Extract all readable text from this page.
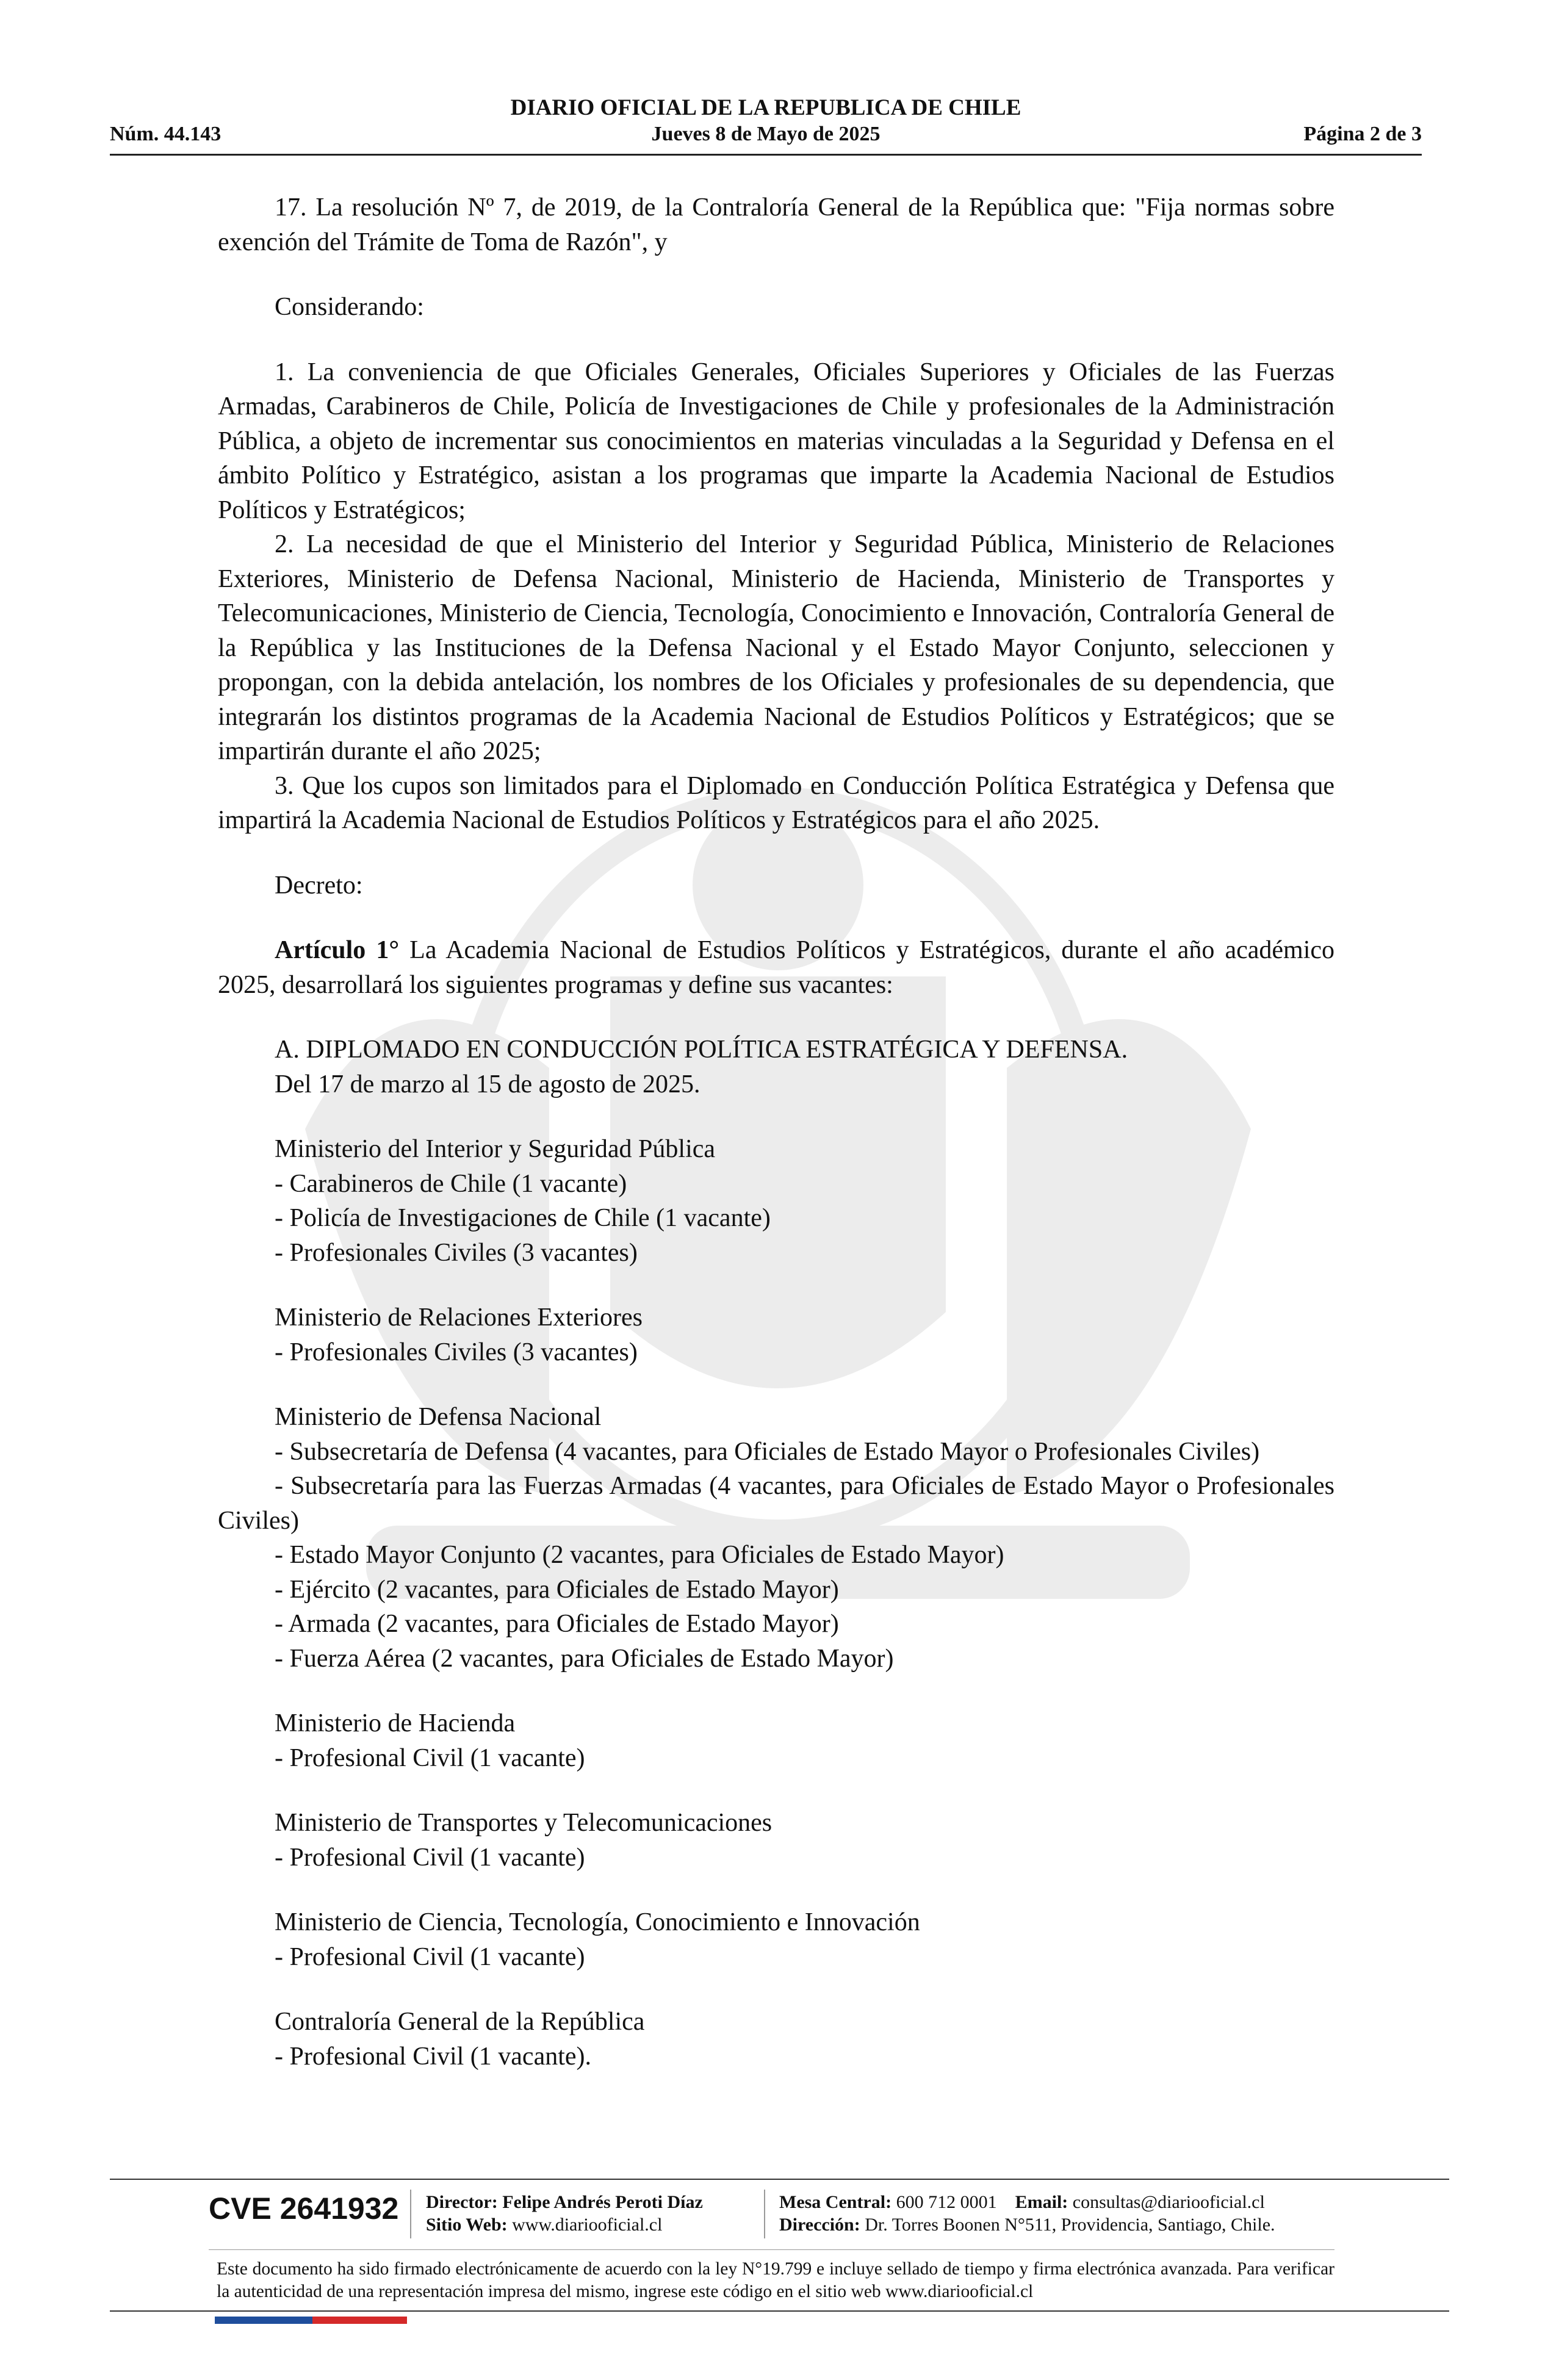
DIARIO OFICIAL DE LA REPUBLICA DE CHILE
Núm. 44.143	Jueves 8 de Mayo de 2025	Página 2 de 3

17. La resolución Nº 7, de 2019, de la Contraloría General de la República que: "Fija normas sobre exención del Trámite de Toma de Razón", y

Considerando:

1. La conveniencia de que Oficiales Generales, Oficiales Superiores y Oficiales de las Fuerzas Armadas, Carabineros de Chile, Policía de Investigaciones de Chile y profesionales de la Administración Pública, a objeto de incrementar sus conocimientos en materias vinculadas a la Seguridad y Defensa en el ámbito Político y Estratégico, asistan a los programas que imparte la Academia Nacional de Estudios Políticos y Estratégicos;

2. La necesidad de que el Ministerio del Interior y Seguridad Pública, Ministerio de Relaciones Exteriores, Ministerio de Defensa Nacional, Ministerio de Hacienda, Ministerio de Transportes y Telecomunicaciones, Ministerio de Ciencia, Tecnología, Conocimiento e Innovación, Contraloría General de la República y las Instituciones de la Defensa Nacional y el Estado Mayor Conjunto, seleccionen y propongan, con la debida antelación, los nombres de los Oficiales y profesionales de su dependencia, que integrarán los distintos programas de la Academia Nacional de Estudios Políticos y Estratégicos; que se impartirán durante el año 2025;

3. Que los cupos son limitados para el Diplomado en Conducción Política Estratégica y Defensa que impartirá la Academia Nacional de Estudios Políticos y Estratégicos para el año 2025.

Decreto:

Artículo 1° La Academia Nacional de Estudios Políticos y Estratégicos, durante el año académico 2025, desarrollará los siguientes programas y define sus vacantes:

A. DIPLOMADO EN CONDUCCIÓN POLÍTICA ESTRATÉGICA Y DEFENSA.

Del 17 de marzo al 15 de agosto de 2025.

Ministerio del Interior y Seguridad Pública

- Carabineros de Chile (1 vacante)

- Policía de Investigaciones de Chile (1 vacante)

- Profesionales Civiles (3 vacantes)

Ministerio de Relaciones Exteriores

- Profesionales Civiles (3 vacantes)

Ministerio de Defensa Nacional

- Subsecretaría de Defensa (4 vacantes, para Oficiales de Estado Mayor o Profesionales Civiles)

- Subsecretaría para las Fuerzas Armadas (4 vacantes, para Oficiales de Estado Mayor o Profesionales Civiles)

- Estado Mayor Conjunto (2 vacantes, para Oficiales de Estado Mayor)

- Ejército (2 vacantes, para Oficiales de Estado Mayor)

- Armada (2 vacantes, para Oficiales de Estado Mayor)

- Fuerza Aérea (2 vacantes, para Oficiales de Estado Mayor)

Ministerio de Hacienda

- Profesional Civil (1 vacante)

Ministerio de Transportes y Telecomunicaciones

- Profesional Civil (1 vacante)

Ministerio de Ciencia, Tecnología, Conocimiento e Innovación

- Profesional Civil (1 vacante)

Contraloría General de la República

- Profesional Civil (1 vacante).

CVE 2641932 Director: Felipe Andrés Peroti Díaz
Sitio Web: www.diariooficial.cl
Mesa Central: 600 712 0001 Email: consultas@diariooficial.cl
Dirección: Dr. Torres Boonen N°511, Providencia, Santiago, Chile.
Este documento ha sido firmado electrónicamente de acuerdo con la ley N°19.799 e incluye sellado de tiempo y firma electrónica avanzada. Para verificar la autenticidad de una representación impresa del mismo, ingrese este código en el sitio web www.diariooficial.cl
